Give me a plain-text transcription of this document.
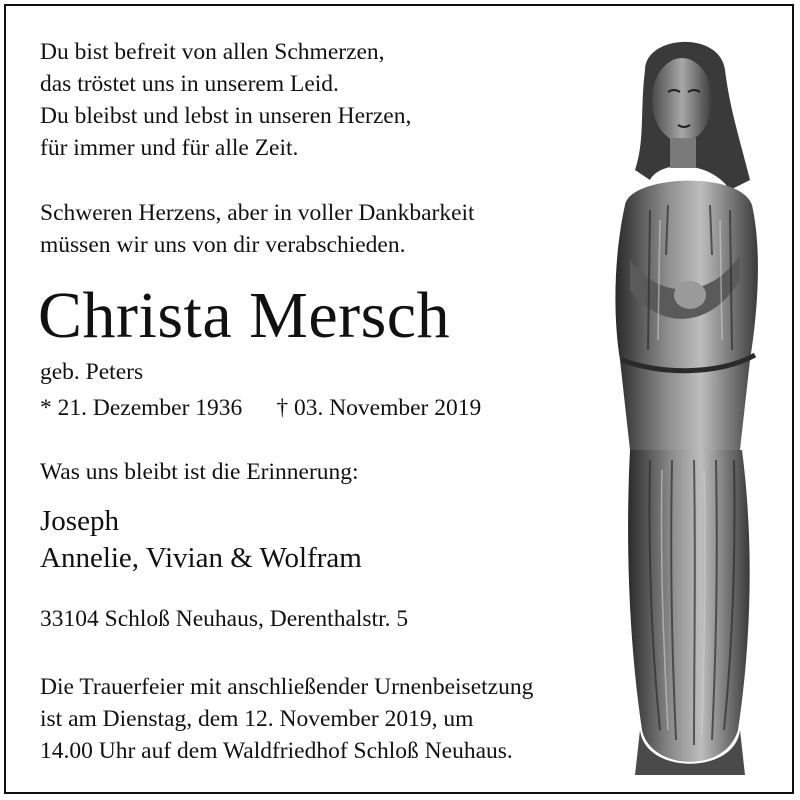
Du bist befreit von allen Schmerzen,
das tröstet uns in unserem Leid.
Du bleibst und lebst in unseren Herzen,
für immer und für alle Zeit.
Schweren Herzens, aber in voller Dankbarkeit
müssen wir uns von dir verabschieden.
Christa Mersch
geb. Peters
* 21. Dezember 1936 † 03. November 2019
Was uns bleibt ist die Erinnerung:
Joseph
Annelie, Vivian & Wolfram
33104 Schloß Neuhaus, Derenthalstr. 5
Die Trauerfeier mit anschließender Urnenbeisetzung
ist am Dienstag, dem 12. November 2019, um
14.00 Uhr auf dem Waldfriedhof Schloß Neuhaus.
